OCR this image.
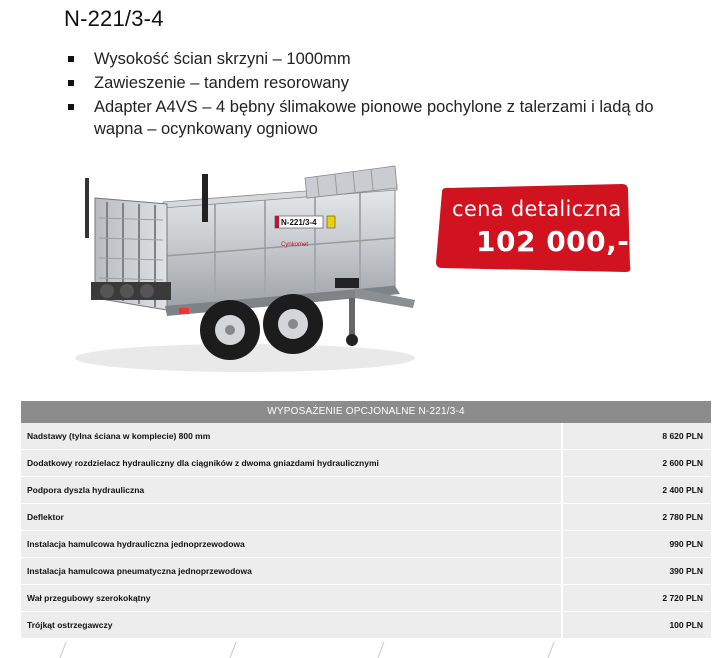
N-221/3-4
Wysokość ścian skrzyni – 1000mm
Zawieszenie – tandem resorowany
Adapter A4VS – 4 bębny ślimakowe pionowe pochylone z talerzami i ladą do wapna – ocynkowany ogniowo
N-221/3-4
Cynkomet
cena detaliczna
102 000,-
WYPOSAŻENIE OPCJONALNE N-221/3-4
Nadstawy (tylna ściana w komplecie) 800 mm	8 620 PLN
Dodatkowy rozdzielacz hydrauliczny dla ciągników z dwoma gniazdami hydraulicznymi	2 600 PLN
Podpora dyszla hydrauliczna	2 400 PLN
Deflektor	2 780 PLN
Instalacja hamulcowa hydrauliczna jednoprzewodowa	990 PLN
Instalacja hamulcowa pneumatyczna jednoprzewodowa	390 PLN
Wał przegubowy szerokokątny	2 720 PLN
Trójkąt ostrzegawczy	100 PLN
